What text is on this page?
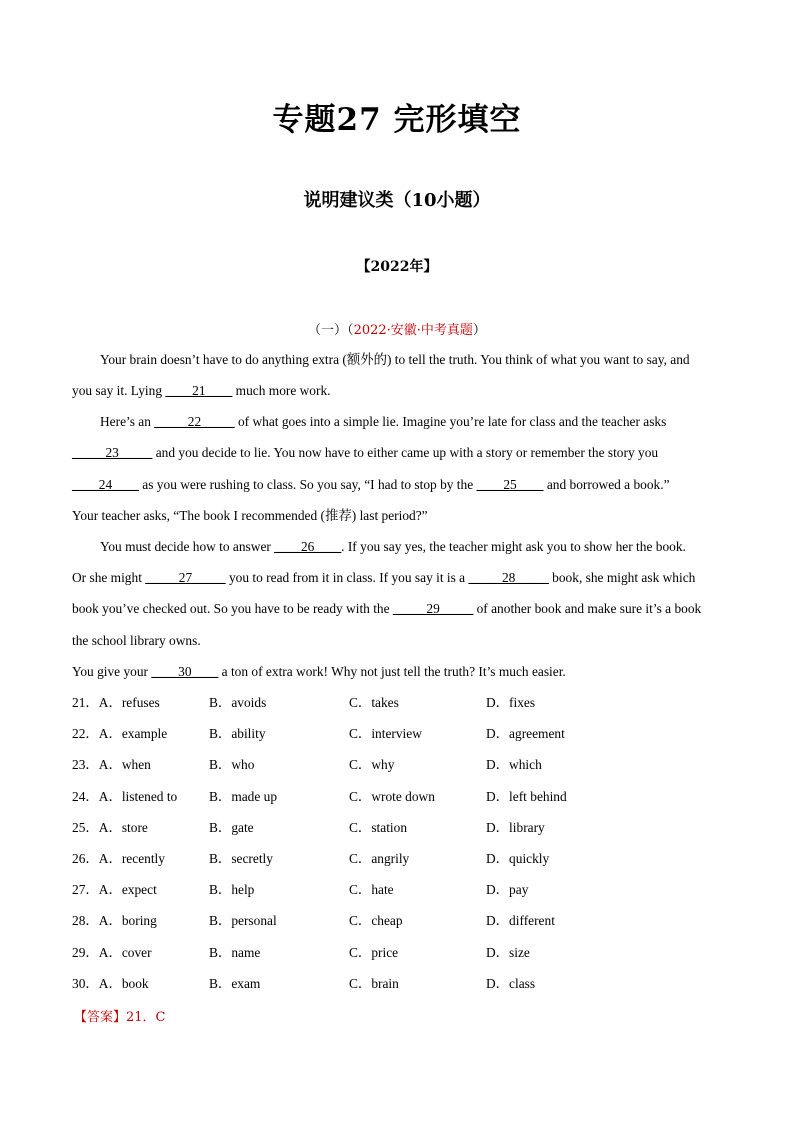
专题27 完形填空
说明建议类（10小题）
【2022年】
（一）（2022·安徽·中考真题）
Your brain doesn’t have to do anything extra (额外的) to tell the truth. You think of what you want to say, and
you say it. Lying ____21____ much more work.
Here’s an _____22_____ of what goes into a simple lie. Imagine you’re late for class and the teacher asks
_____23_____ and you decide to lie. You now have to either came up with a story or remember the story you
____24____ as you were rushing to class. So you say, “I had to stop by the ____25____ and borrowed a book.”
Your teacher asks, “The book I recommended (推荐) last period?”
You must decide how to answer ____26____. If you say yes, the teacher might ask you to show her the book.
Or she might _____27_____ you to read from it in class. If you say it is a _____28_____ book, she might ask which
book you’ve checked out. So you have to be ready with the _____29_____ of another book and make sure it’s a book
the school library owns.
You give your ____30____ a ton of extra work! Why not just tell the truth? It’s much easier.
21．A．refuses	B．avoids	C．takes	D．fixes
22．A．example	B．ability	C．interview	D．agreement
23．A．when	B．who	C．why	D．which
24．A．listened to B．made up	C．wrote down	D．left behind
25．A．store	B．gate	C．station	D．library
26．A．recently	B．secretly	C．angrily	D．quickly
27．A．expect	B．help	C．hate	D．pay
28．A．boring	B．personal	C．cheap	D．different
29．A．cover	B．name	C．price	D．size
30．A．book	B．exam	C．brain	D．class
【答案】21．C
